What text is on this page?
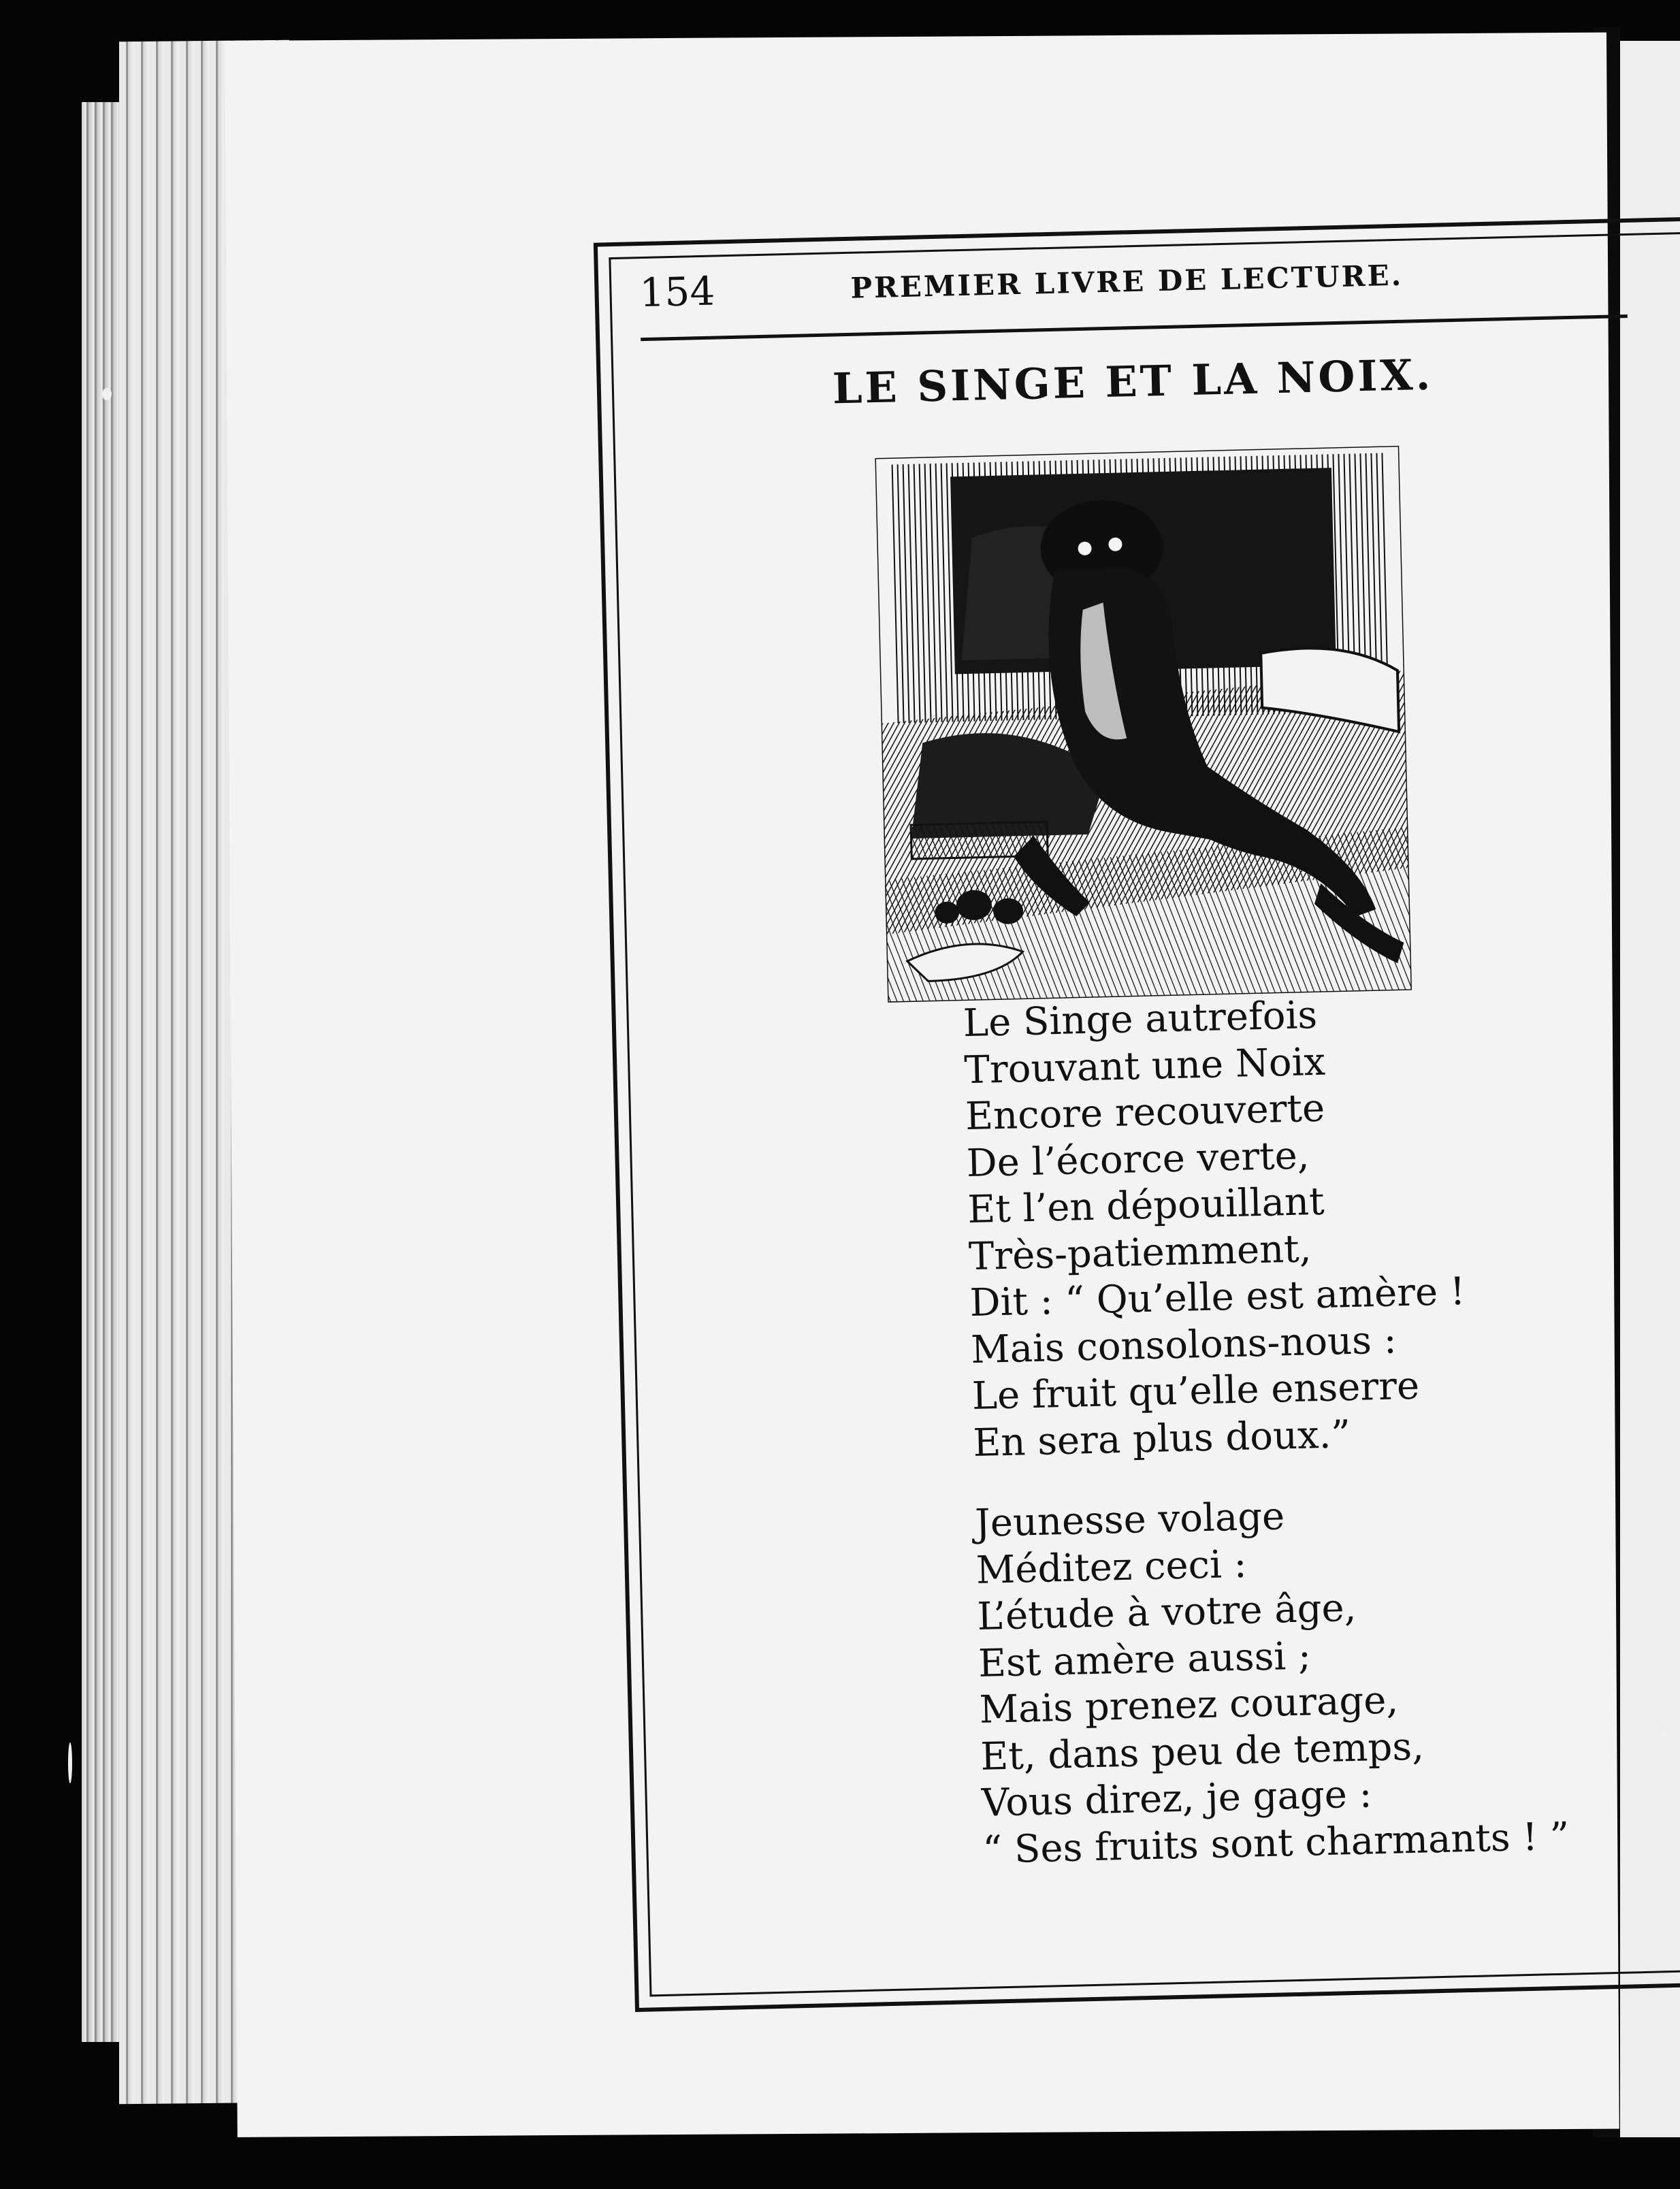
154	PREMIER LIVRE DE LECTURE.
LE SINGE ET LA NOIX.
Le Singe autrefois
Trouvant une Noix
Encore recouverte
De l’écorce verte,
Et l’en dépouillant
Très-patiemment,
Dit : “ Qu’elle est amère !
Mais consolons-nous :
Le fruit qu’elle enserre
En sera plus doux.”
Jeunesse volage
Méditez ceci :
L’étude à votre âge,
Est amère aussi ;
Mais prenez courage,
Et, dans peu de temps,
Vous direz, je gage :
“ Ses fruits sont charmants ! ”
